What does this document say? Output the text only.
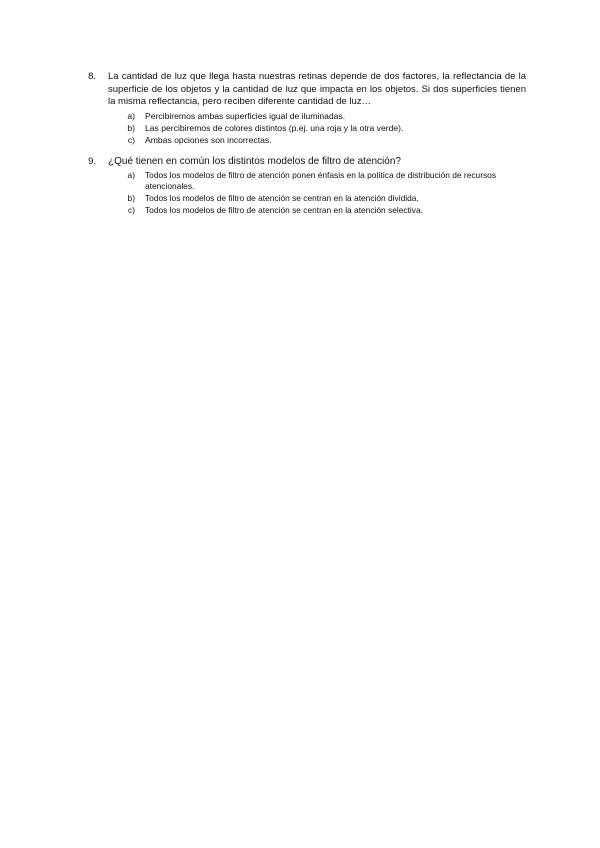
8.	La cantidad de luz que llega hasta nuestras retinas depende de dos factores, la reflectancia de la superficie de los objetos y la cantidad de luz que impacta en los objetos. Si dos superficies tienen la misma reflectancia, pero reciben diferente cantidad de luz…
a)	Percibiremos ambas superficies igual de iluminadas.
b)	Las percibiremos de colores distintos (p.ej. una roja y la otra verde).
c)	Ambas opciones son incorrectas.
9.	¿Qué tienen en común los distintos modelos de filtro de atención?
a)	Todos los modelos de filtro de atención ponen énfasis en la política de distribución de recursos atencionales.
b)	Todos los modelos de filtro de atención se centran en la atención dividida.
c)	Todos los modelos de filtro de atención se centran en la atención selectiva.
